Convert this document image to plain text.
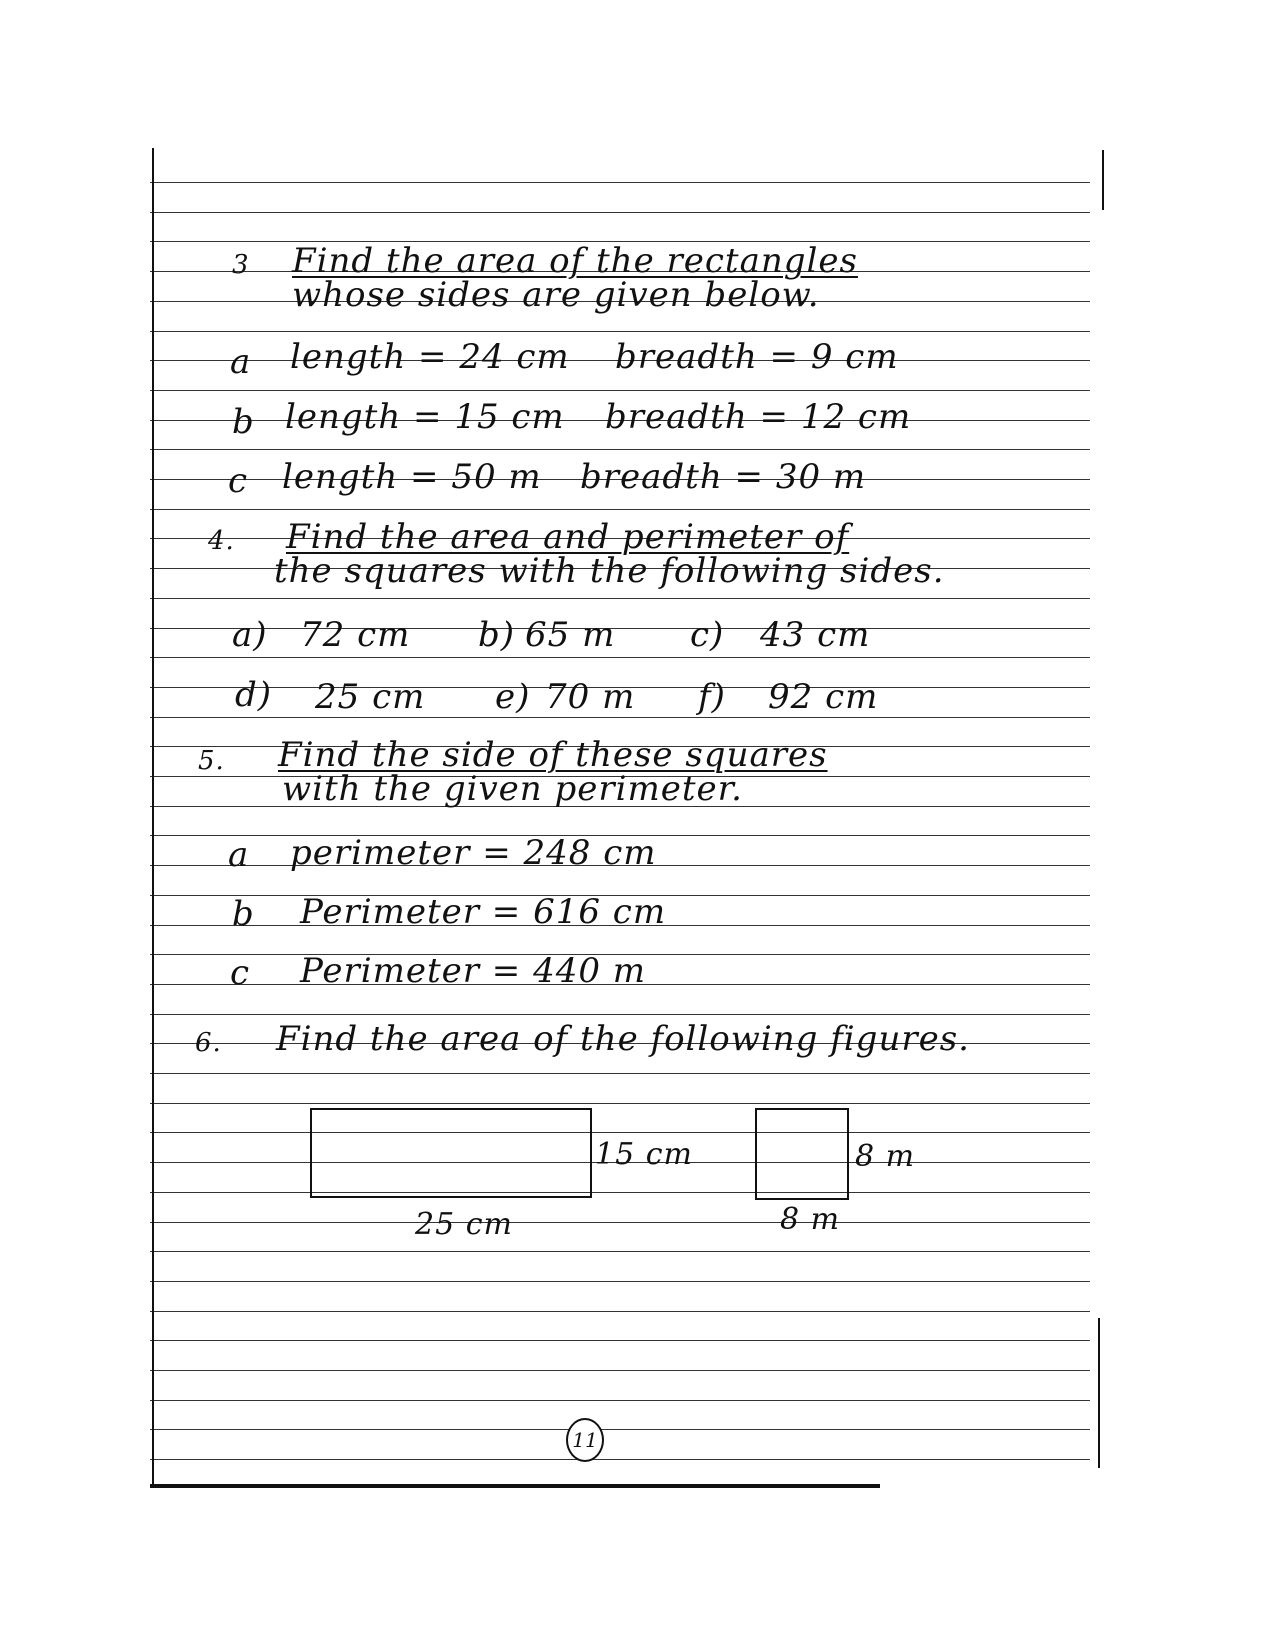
3 Find the area of the rectangles
whose sides are given below.
a length = 24 cm breadth = 9 cm
b length = 15 cm breadth = 12 cm
c length = 50 m breadth = 30 m
4. Find the area and perimeter of
the squares with the following sides.
a) 72 cm b) 65 m c) 43 cm
d) 25 cm e) 70 m f) 92 cm
5. Find the side of these squares
with the given perimeter.
a perimeter = 248 cm
b Perimeter = 616 cm
c Perimeter = 440 m
6. Find the area of the following figures.
15 cm
25 cm
8 m
8 m
11
